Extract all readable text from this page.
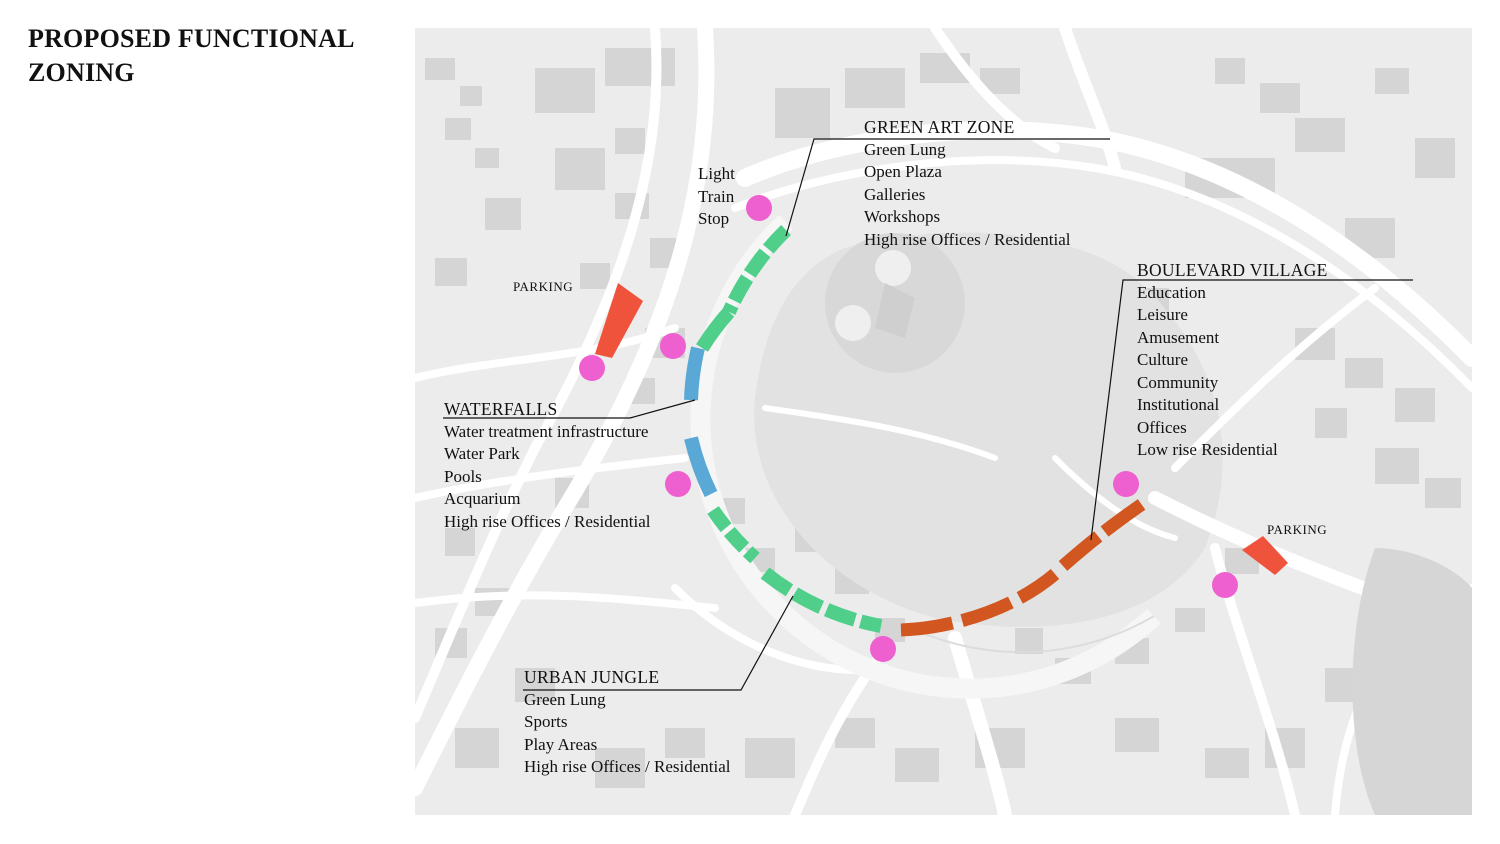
PROPOSED FUNCTIONAL
ZONING
Light
Train
Stop
PARKING
PARKING
GREEN ART ZONE
Green Lung
Open Plaza
Galleries
Workshops
High rise Offices / Residential
BOULEVARD VILLAGE
Education
Leisure
Amusement
Culture
Community
Institutional
Offices
Low rise Residential
WATERFALLS
Water treatment infrastructure
Water Park
Pools
Acquarium
High rise Offices / Residential
URBAN JUNGLE
Green Lung
Sports
Play Areas
High rise Offices / Residential
